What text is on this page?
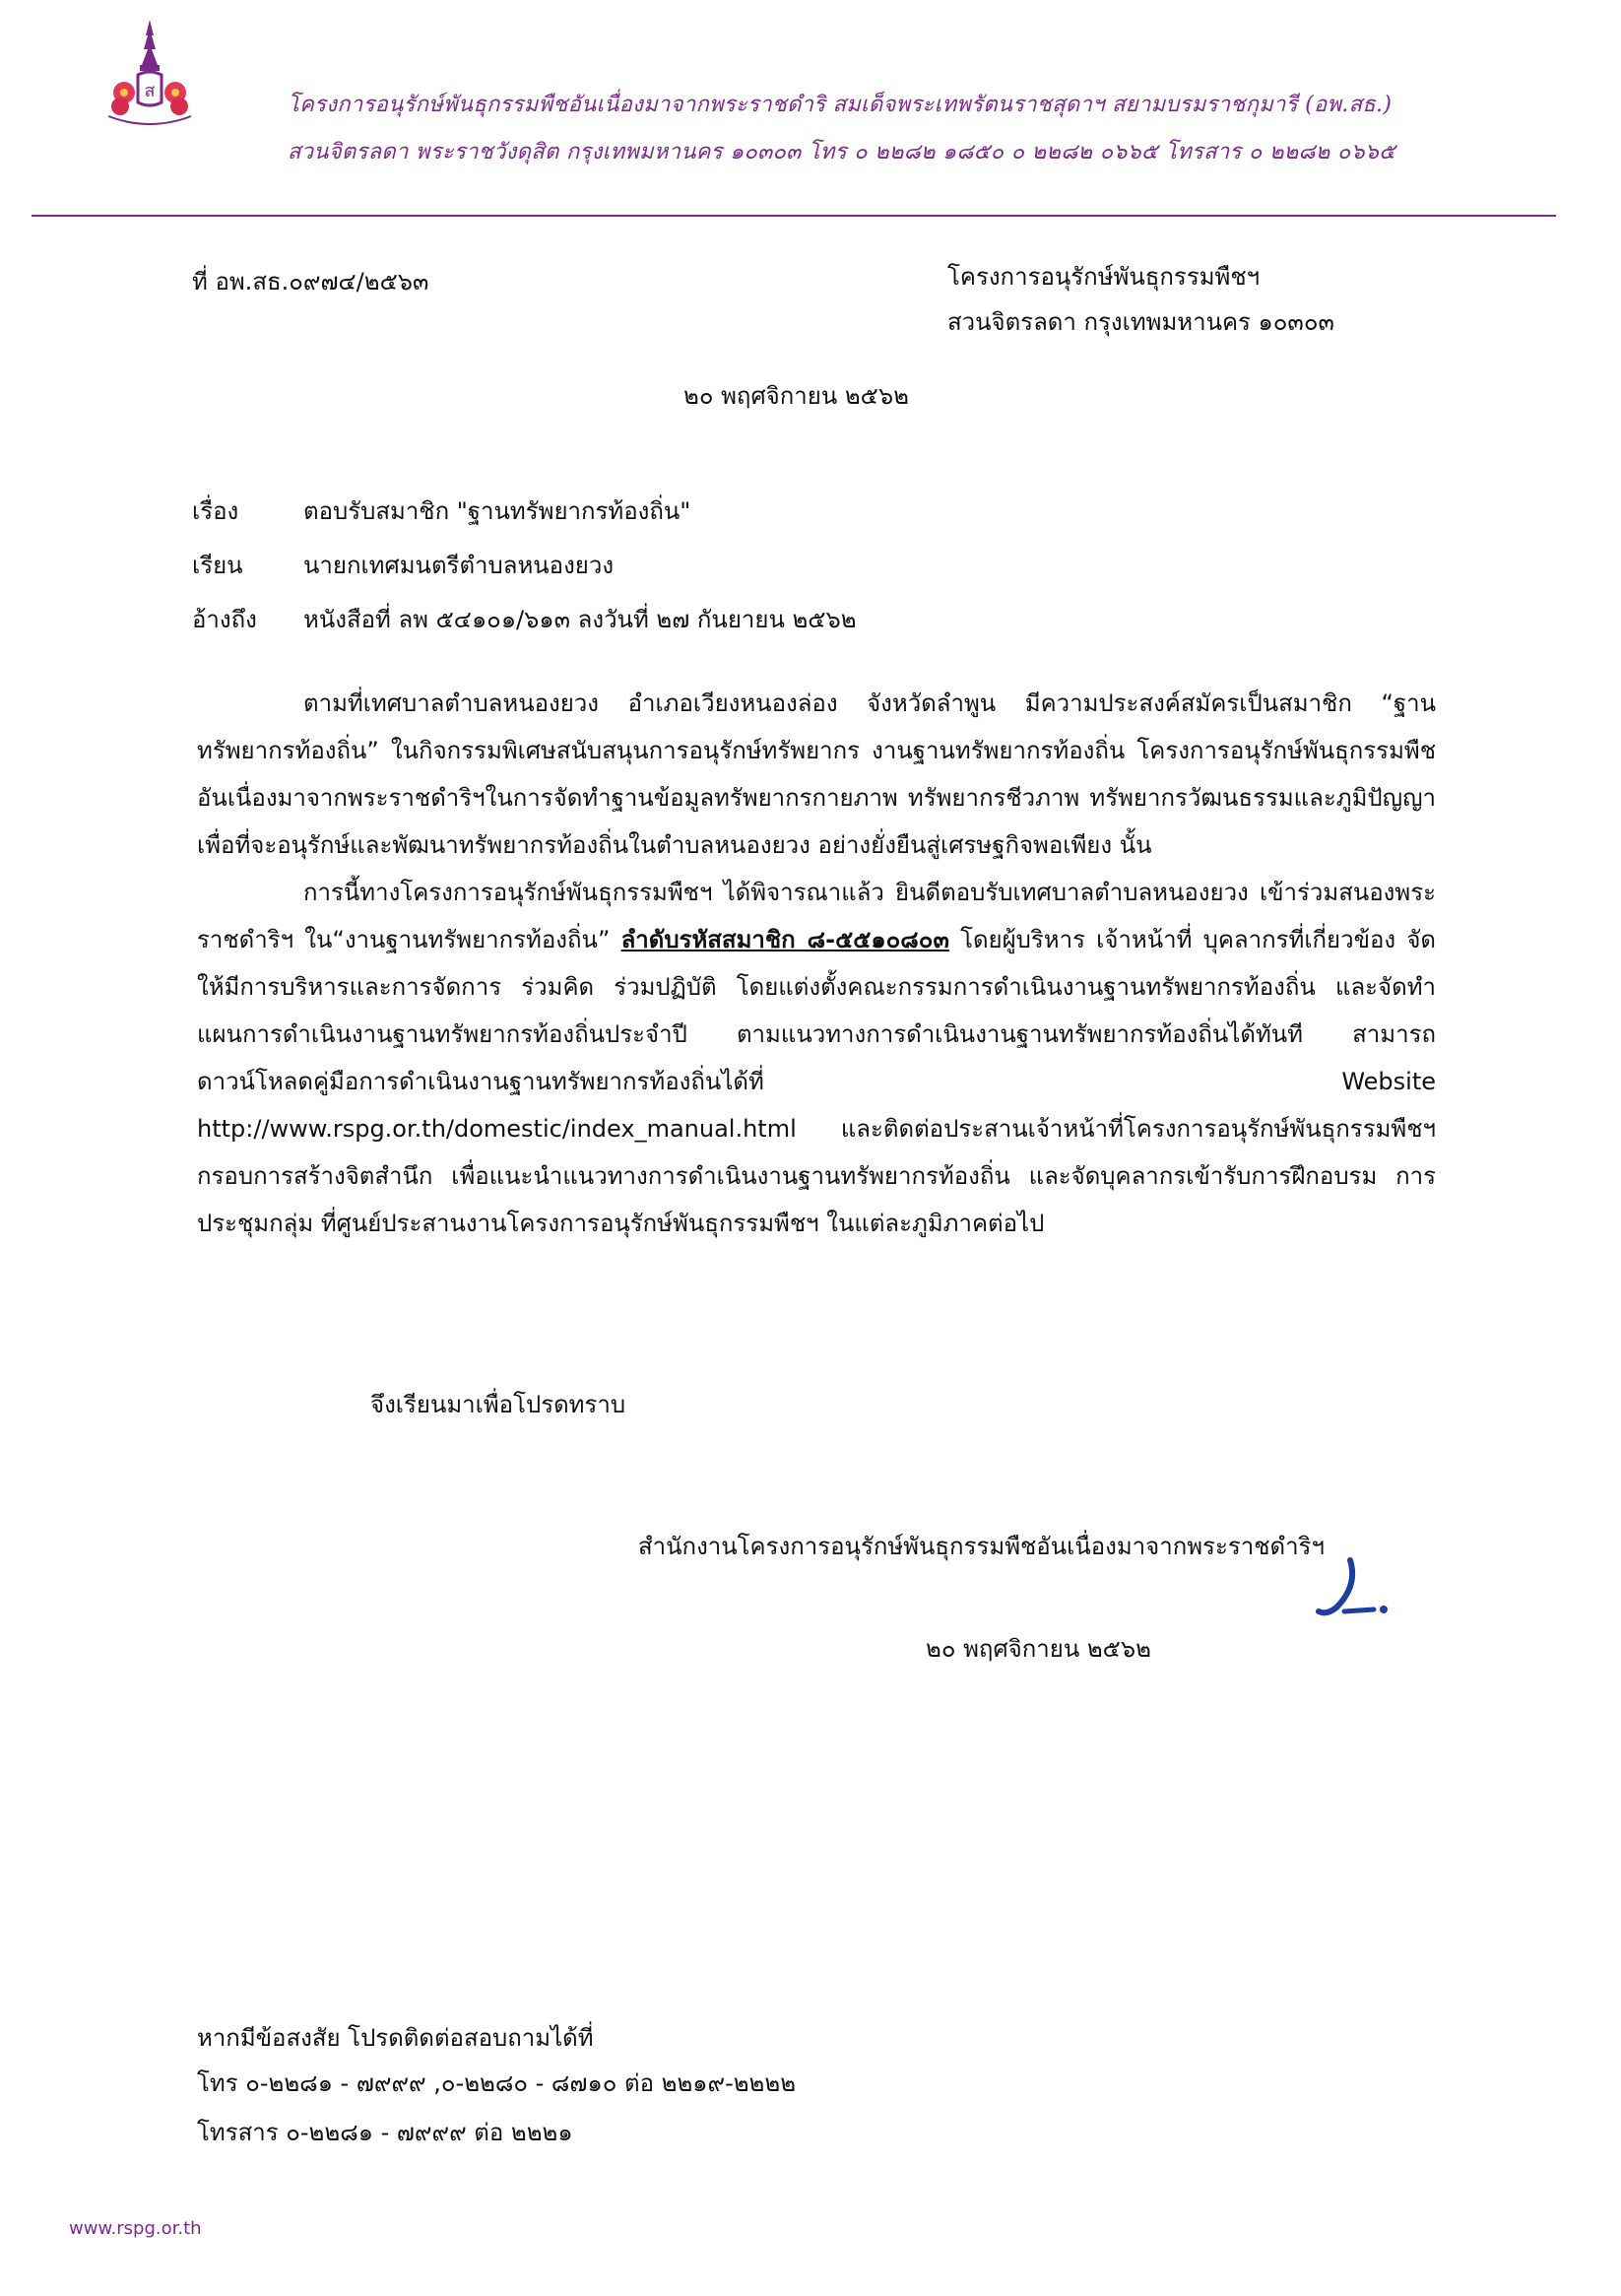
ส
โครงการอนุรักษ์พันธุกรรมพืชอันเนื่องมาจากพระราชดำริ สมเด็จพระเทพรัตนราชสุดาฯ สยามบรมราชกุมารี (อพ.สธ.)
สวนจิตรลดา พระราชวังดุสิต กรุงเทพมหานคร ๑๐๓๐๓ โทร ๐ ๒๒๘๒ ๑๘๕๐ ๐ ๒๒๘๒ ๐๖๖๕ โทรสาร ๐ ๒๒๘๒ ๐๖๖๕
ที่ อพ.สธ.๐๙๗๔/๒๕๖๓	โครงการอนุรักษ์พันธุกรรมพืชฯ
สวนจิตรลดา กรุงเทพมหานคร ๑๐๓๐๓
๒๐ พฤศจิกายน ๒๕๖๒
เรื่อง	ตอบรับสมาชิก "ฐานทรัพยากรท้องถิ่น"
เรียน	นายกเทศมนตรีตำบลหนองยวง
อ้างถึง หนังสือที่ ลพ ๕๔๑๐๑/๖๑๓ ลงวันที่ ๒๗ กันยายน ๒๕๖๒

ตามที่เทศบาลตำบลหนองยวง อำเภอเวียงหนองล่อง จังหวัดลำพูน มีความประสงค์สมัครเป็นสมาชิก “ฐานทรัพยากรท้องถิ่น” ในกิจกรรมพิเศษสนับสนุนการอนุรักษ์ทรัพยากร งานฐานทรัพยากรท้องถิ่น โครงการอนุรักษ์พันธุกรรมพืชอันเนื่องมาจากพระราชดำริฯในการจัดทำฐานข้อมูลทรัพยากรกายภาพ ทรัพยากรชีวภาพ ทรัพยากรวัฒนธรรมและภูมิปัญญา เพื่อที่จะอนุรักษ์และพัฒนาทรัพยากรท้องถิ่นในตำบลหนองยวง อย่างยั่งยืนสู่เศรษฐกิจพอเพียง นั้น

การนี้ทางโครงการอนุรักษ์พันธุกรรมพืชฯ ได้พิจารณาแล้ว ยินดีตอบรับเทศบาลตำบลหนองยวง เข้าร่วมสนองพระราชดำริฯ ใน“งานฐานทรัพยากรท้องถิ่น” ลำดับรหัสสมาชิก ๘-๕๕๑๐๘๐๓ โดยผู้บริหาร เจ้าหน้าที่ บุคลากรที่เกี่ยวข้อง จัดให้มีการบริหารและการจัดการ ร่วมคิด ร่วมปฏิบัติ โดยแต่งตั้งคณะกรรมการดำเนินงานฐานทรัพยากรท้องถิ่น และจัดทำแผนการดำเนินงานฐานทรัพยากรท้องถิ่นประจำปี ตามแนวทางการดำเนินงานฐานทรัพยากรท้องถิ่นได้ทันที สามารถดาวน์โหลดคู่มือการดำเนินงานฐานทรัพยากรท้องถิ่นได้ที่ Website http://www.rspg.or.th/domestic/index_manual.html และติดต่อประสานเจ้าหน้าที่โครงการอนุรักษ์พันธุกรรมพืชฯ กรอบการสร้างจิตสำนึก เพื่อแนะนำแนวทางการดำเนินงานฐานทรัพยากรท้องถิ่น และจัดบุคลากรเข้ารับการฝึกอบรม การประชุมกลุ่ม ที่ศูนย์ประสานงานโครงการอนุรักษ์พันธุกรรมพืชฯ ในแต่ละภูมิภาคต่อไป

จึงเรียนมาเพื่อโปรดทราบ
สำนักงานโครงการอนุรักษ์พันธุกรรมพืชอันเนื่องมาจากพระราชดำริฯ
๒๐ พฤศจิกายน ๒๕๖๒
หากมีข้อสงสัย โปรดติดต่อสอบถามได้ที่
โทร ๐-๒๒๘๑ - ๗๙๙๙ ,๐-๒๒๘๐ - ๘๗๑๐ ต่อ ๒๒๑๙-๒๒๒๒
โทรสาร ๐-๒๒๘๑ - ๗๙๙๙ ต่อ ๒๒๒๑
www.rspg.or.th
